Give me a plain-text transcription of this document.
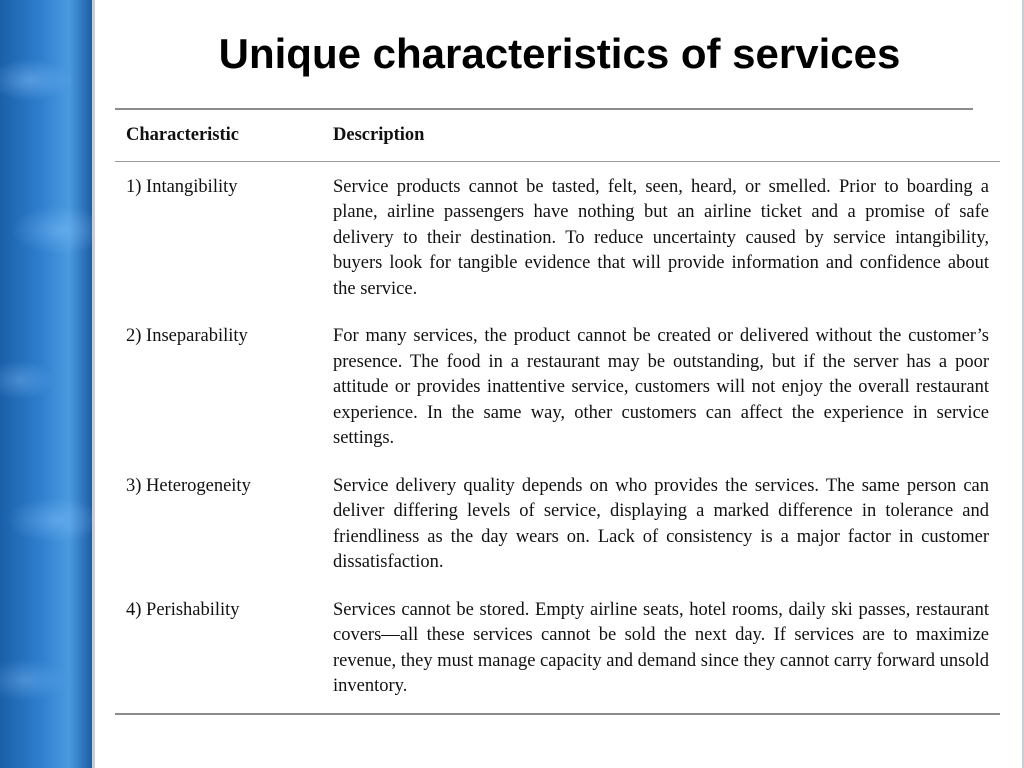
Unique characteristics of services
Characteristic	Description
1) Intangibility	Service products cannot be tasted, felt, seen, heard, or smelled. Prior to boarding a plane, airline passengers have nothing but an airline ticket and a promise of safe delivery to their destination. To reduce uncertainty caused by service intangibility, buyers look for tangible evidence that will provide information and confidence about the service.
2) Inseparability	For many services, the product cannot be created or delivered without the customer’s presence. The food in a restaurant may be outstanding, but if the server has a poor attitude or provides inattentive service, customers will not enjoy the overall restaurant experience. In the same way, other customers can affect the experience in service settings.
3) Heterogeneity	Service delivery quality depends on who provides the services. The same person can deliver differing levels of service, displaying a marked difference in tolerance and friendliness as the day wears on. Lack of consistency is a major factor in customer dissatisfaction.
4) Perishability	Services cannot be stored. Empty airline seats, hotel rooms, daily ski passes, restaurant covers—all these services cannot be sold the next day. If services are to maximize revenue, they must manage capacity and demand since they cannot carry forward unsold inventory.
